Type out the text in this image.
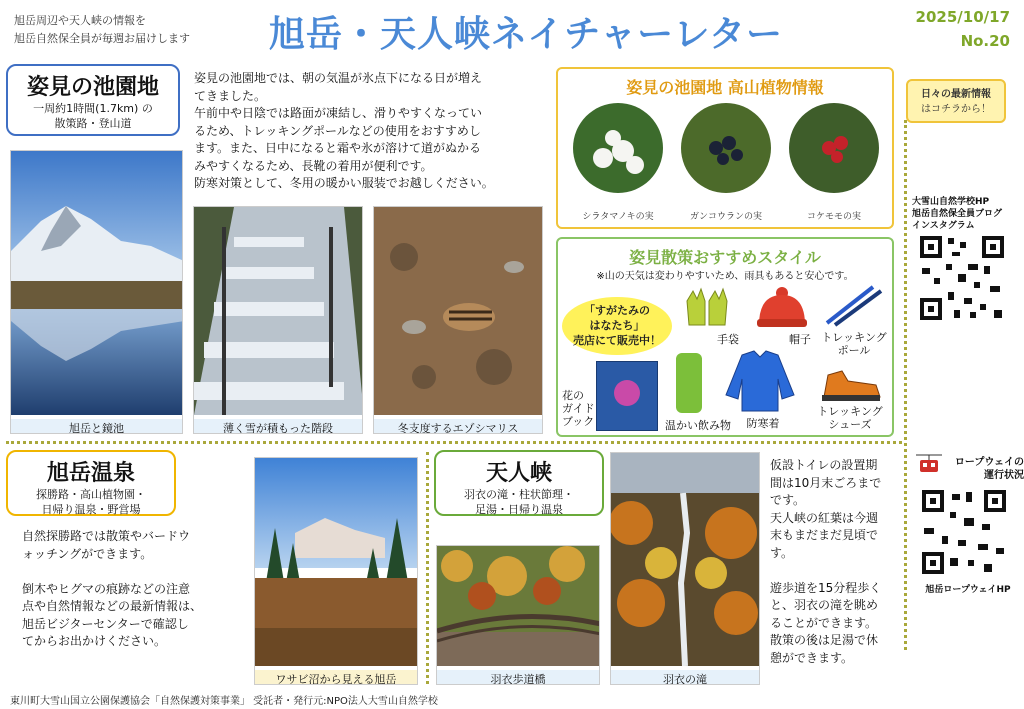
旭岳周辺や天人峡の情報を
旭岳自然保全員が毎週お届けします	旭岳・天人峡ネイチャーレター	2025/10/17
No.20
姿見の池園地
一周約1時間(1.7km) の
散策路・登山道
姿見の池園地では、朝の気温が氷点下になる日が増え
てきました。
午前中や日陰では路面が凍結し、滑りやすくなってい
るため、トレッキングポールなどの使用をおすすめし
ます。また、日中になると霜や氷が溶けて道がぬかる
みやすくなるため、長靴の着用が便利です。
防寒対策として、冬用の暖かい服装でお越しください。
旭岳と鏡池	薄く雪が積もった階段	冬支度するエゾシマリス
姿見の池園地 高山植物情報
シラタマノキの実	ガンコウランの実	コケモモの実
姿見散策おすすめスタイル
※山の天気は変わりやすいため、雨具もあると安心です。
「すがたみの
はなたち」
売店にて販売中！
花の
ガイド
ブック
手袋	帽子 トレッキング
ポール
温かい飲み物	防寒着
トレッキング
シューズ
日々の最新情報
はコチラから！
大雪山自然学校HP
旭岳自然保全員ブログ
インスタグラム
ロープウェイの
運行状況
旭岳ロープウェイHP
旭岳温泉
探勝路・高山植物園・
日帰り温泉・野営場
自然探勝路では散策やバードウ
ォッチングができます。
倒木やヒグマの痕跡などの注意
点や自然情報などの最新情報は、
旭岳ビジターセンターで確認し
てからお出かけください。
ワサビ沼から見える旭岳
天人峡
羽衣の滝・柱状節理・
足湯・日帰り温泉
羽衣歩道橋	羽衣の滝
仮設トイレの設置期
間は10月末ごろまで
です。
天人峡の紅葉は今週
末もまだまだ見頃で
す。
遊歩道を15分程歩く
と、羽衣の滝を眺め
ることができます。
散策の後は足湯で休
憩ができます。
東川町大雪山国立公園保護協会「自然保護対策事業」 受託者・発行元:NPO法人大雪山自然学校
